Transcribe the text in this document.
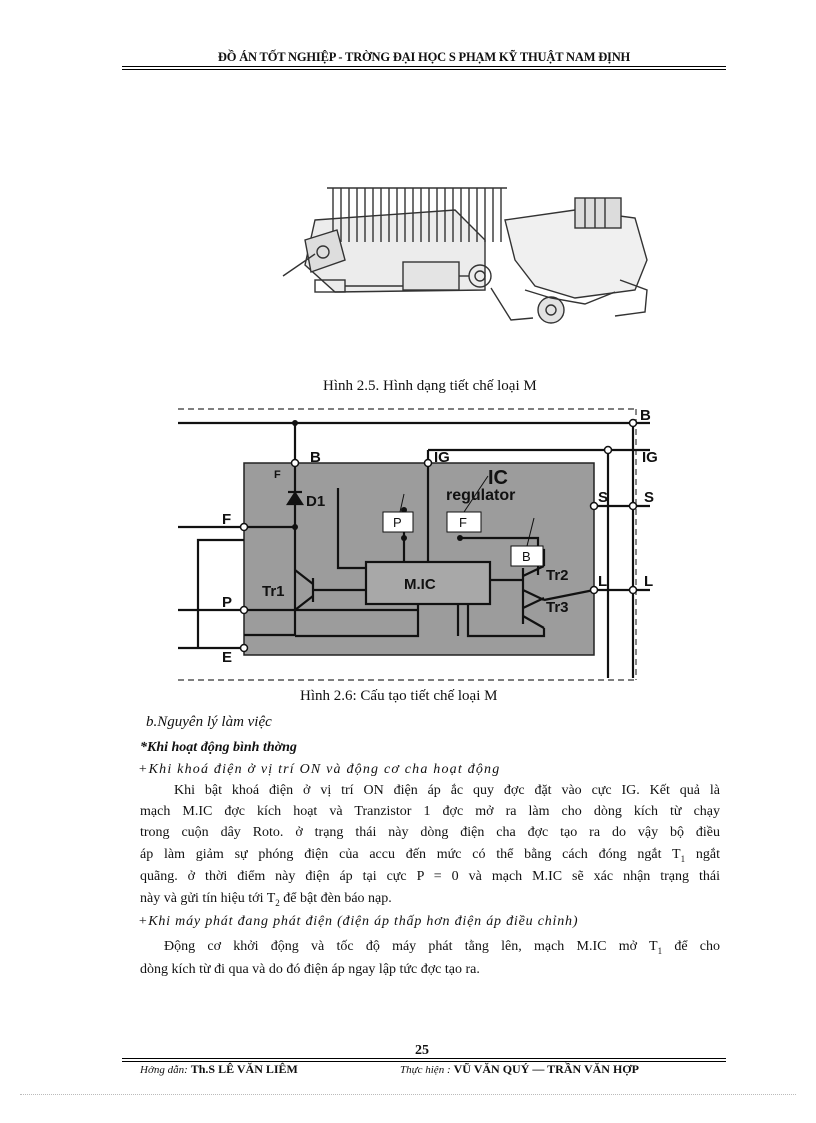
ĐỒ ÁN TỐT NGHIỆP - TRỜNG ĐẠI HỌC S PHẠM KỸ THUẬT NAM ĐỊNH
Hình 2.5. Hình dạng tiết chế loại M
B
IG
S
L
B	IG
IC
regulator	S
L
F
P
E
D1
Tr1
Tr2
Tr3
M.IC
F
P	F
B
Hình 2.6: Cấu tạo tiết chế loại M
b.Nguyên lý làm việc
*Khi hoạt động bình thờng
+Khi khoá điện ở vị trí ON và động cơ cha hoạt động
Khi bật khoá điện ở vị trí ON điện áp ắc quy đợc đặt vào cực IG. Kết quả là
mạch M.IC đợc kích hoạt và Tranzistor 1 đợc mở ra làm cho dòng kích từ chạy
trong cuộn dây Roto. ở trạng thái này dòng điện cha đợc tạo ra do vậy bộ điều
áp làm giảm sự phóng điện của accu đến mức có thể bằng cách đóng ngắt $T_1$ ngắt
quãng. ở thời điểm này điện áp tại cực P = 0 và mạch M.IC sẽ xác nhận trạng thái
này và gửi tín hiệu tới $T_2$ để bật đèn báo nạp.
+Khi máy phát đang phát điện (điện áp thấp hơn điện áp điều chỉnh)
Động cơ khởi động và tốc độ máy phát tằng lên, mạch M.IC mở $T_1$ để cho
dòng kích từ đi qua và do đó điện áp ngay lập tức đợc tạo ra.
25
Hớng dẫn: Th.S LÊ VĂN LIÊM	Thực hiện : VŨ VĂN QUÝ — TRẦN VĂN HỢP
